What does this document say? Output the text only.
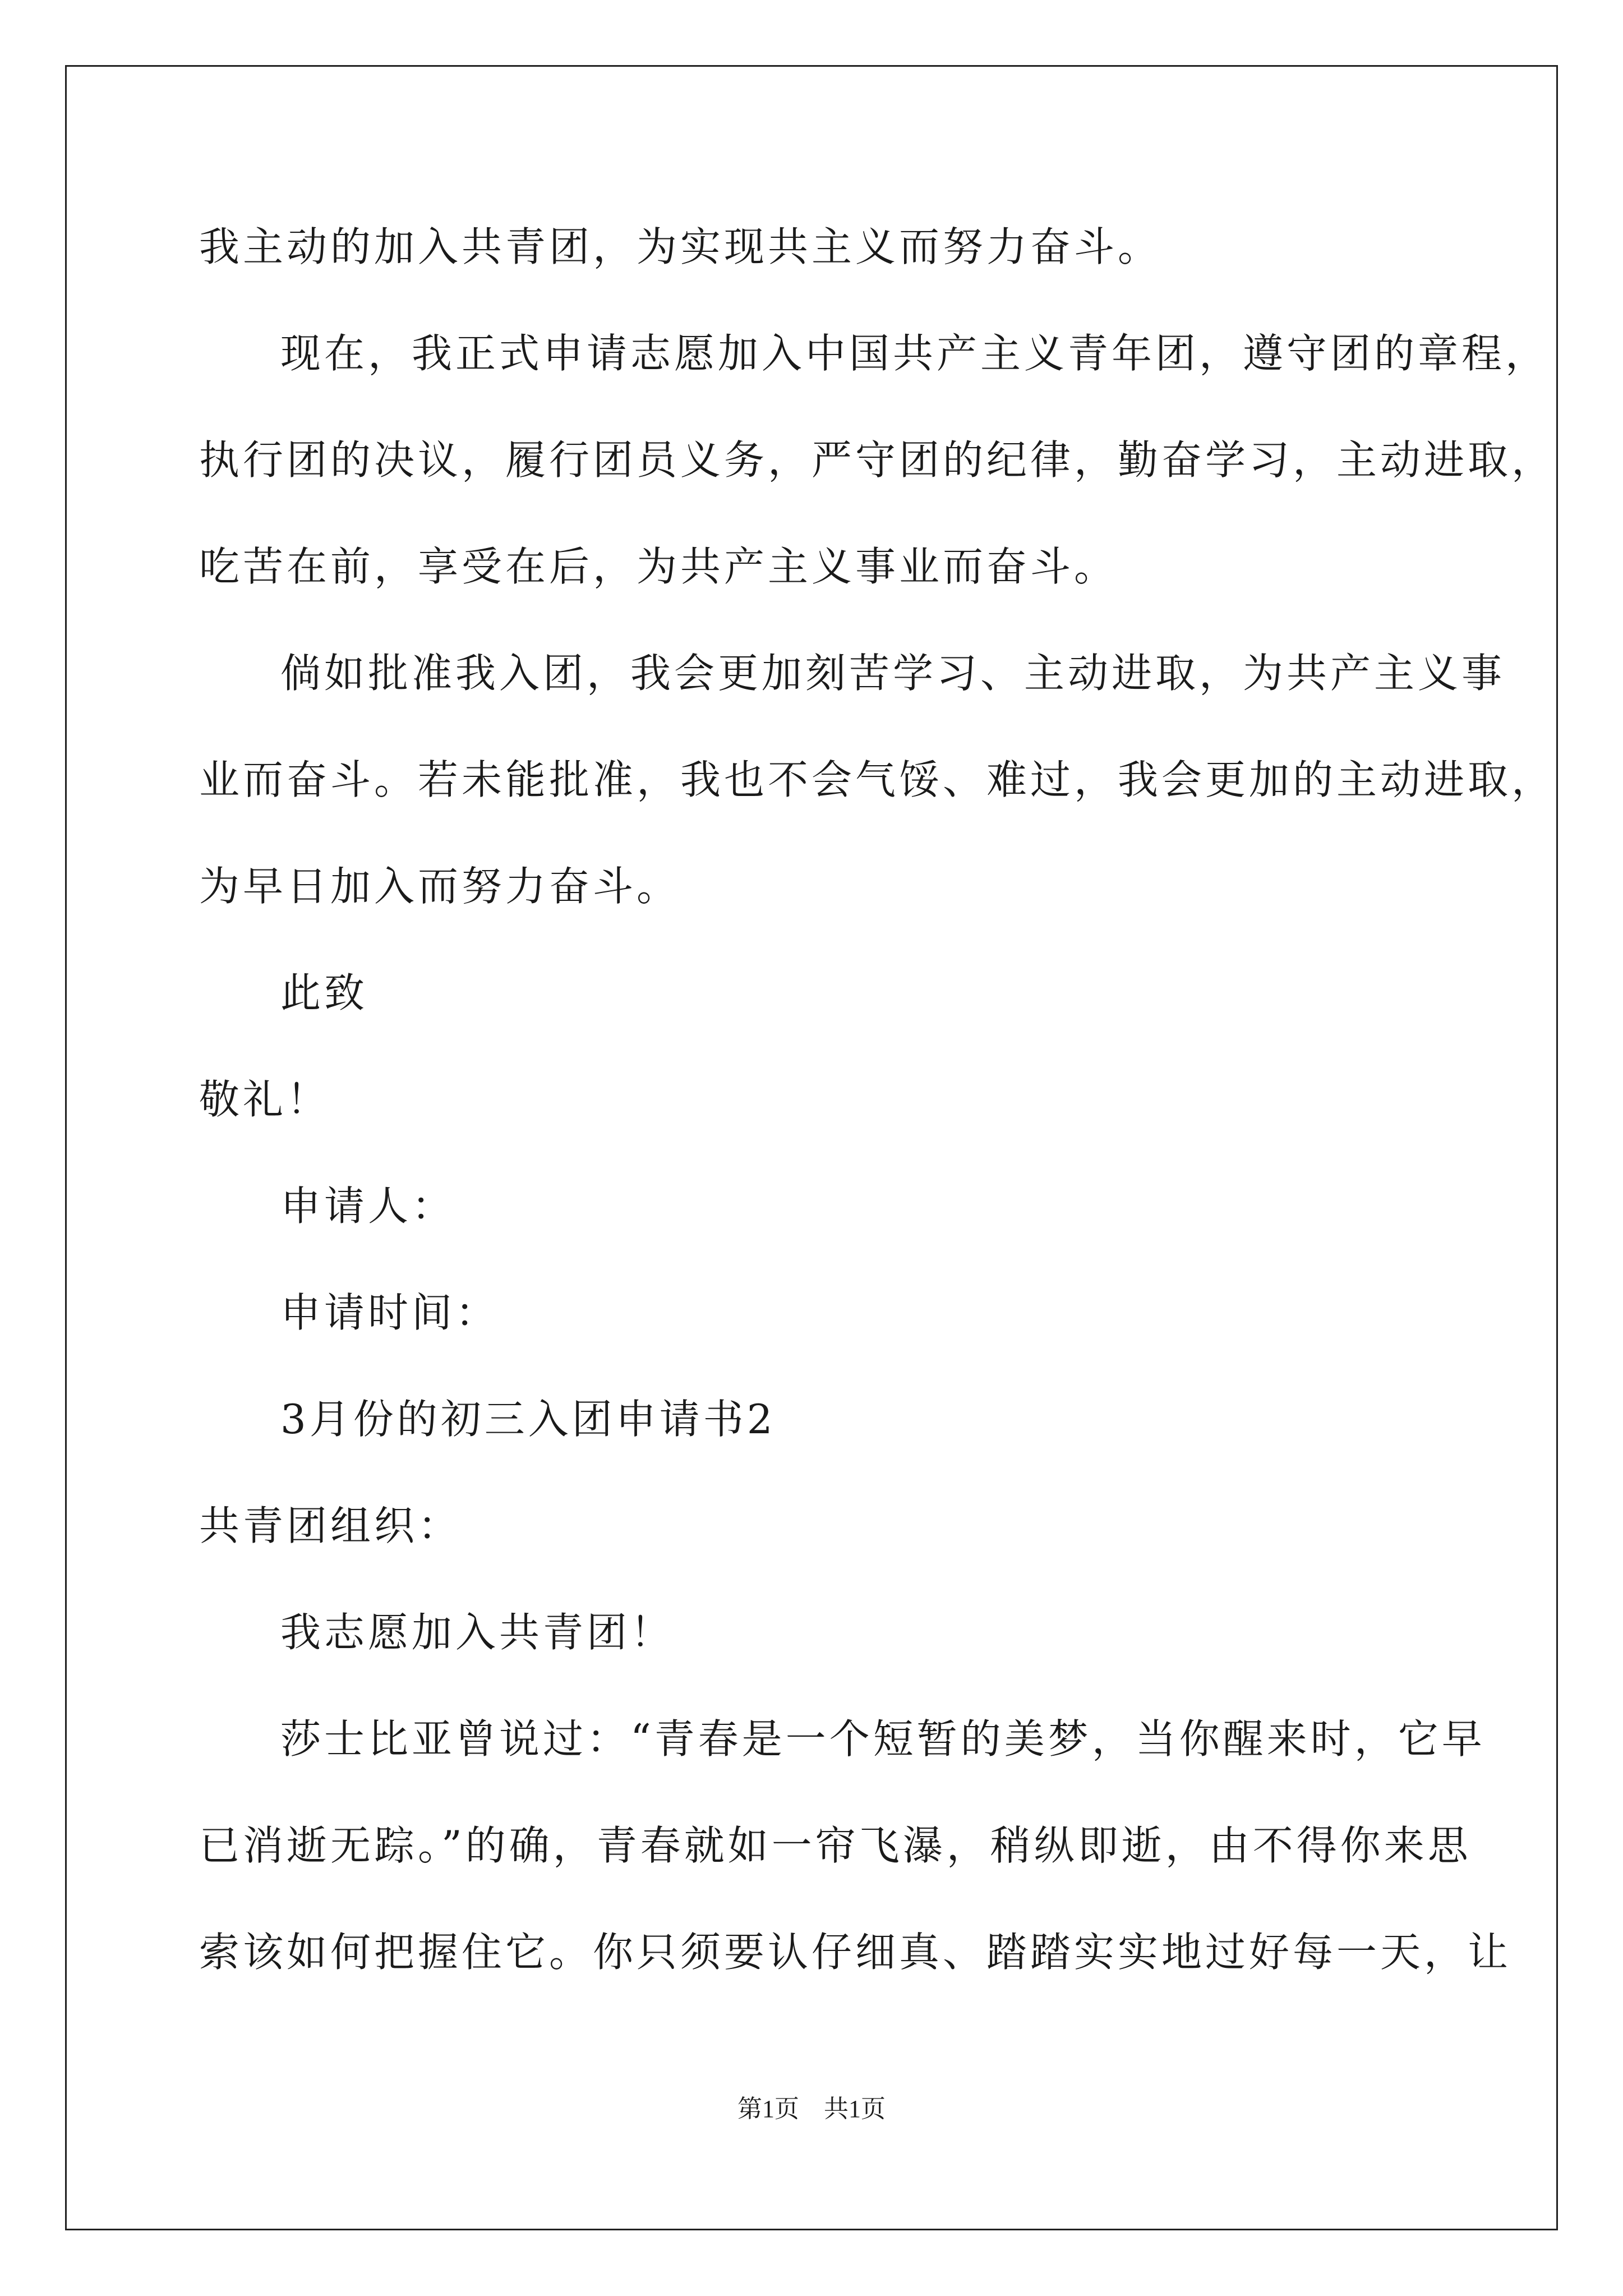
我主动的加入共青团，为实现共主义而努力奋斗。
现在，我正式申请志愿加入中国共产主义青年团，遵守团的章程，
执行团的决议，履行团员义务，严守团的纪律，勤奋学习，主动进取，
吃苦在前，享受在后，为共产主义事业而奋斗。
倘如批准我入团，我会更加刻苦学习、主动进取，为共产主义事
业而奋斗。若未能批准，我也不会气馁、难过，我会更加的主动进取，
为早日加入而努力奋斗。
此致
敬礼！
申请人：
申请时间：
3月份的初三入团申请书2
共青团组织：
我志愿加入共青团！
莎士比亚曾说过：“青春是一个短暂的美梦，当你醒来时，它早
已消逝无踪。”的确，青春就如一帘飞瀑，稍纵即逝，由不得你来思
索该如何把握住它。你只须要认仔细真、踏踏实实地过好每一天，让
第1页　共1页
